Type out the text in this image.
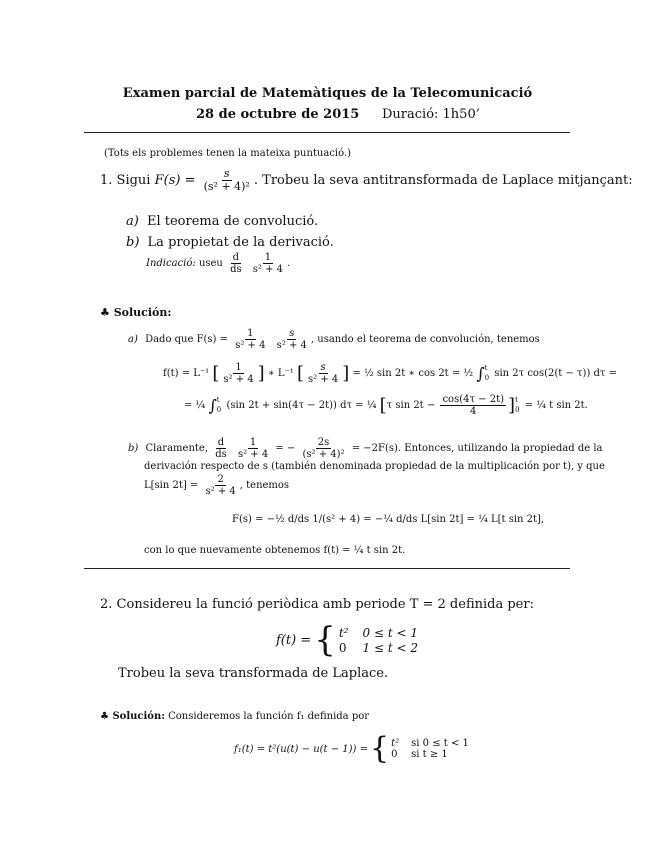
Examen parcial de Matemàtiques de la Telecomunicació
28 de octubre de 2015 Duració: 1h50’
(Tots els problemes tenen la mateixa puntuació.)
1. Sigui $F(s) = \frac{s}{\text{(s² + 4)²}}$ . Trobeu la seva antitransformada de Laplace mitjançant:
a) El teorema de convolució.
b) La propietat de la derivació.
Indicació: useu $\frac{d}{ds}$
$\frac{1}{\text{s² + 4}}$ .
♣ Solución:
a) Dado que $F(s) = \frac{1}{\text{s² + 4}}$
$\frac{s}{\text{s² + 4}}$ , usando el teorema de convolución, tenemos
f(t) = L⁻¹ [ $\frac{1}{\text{s² + 4}}$ ] ∗ L⁻¹ [ $\frac{s}{\text{s² + 4}}$ ] = ½ sin 2t ∗ cos 2t = ½ ∫ t
0 sin 2τ cos(2(t − τ)) dτ =
= ¼ ∫ t
0 (sin 2t + sin(4τ − 2t)) dτ = ¼ [τ $\sin 2t - \frac{\cos(4\tau - 2t)}{4}$ ] t
0 = ¼ t sin 2t.
b) Claramente, $\frac{d}{ds}$
$\frac{1}{\text{s² + 4}}$ = − $\frac{2s}{\text{(s² + 4)²}} = -2F(s)$. Entonces, utilizando la propiedad de la
derivación respecto de s (también denominada propiedad de la multiplicación por t), y que
L[sin $2t] = \frac{2}{\text{s² + 4}}$ , tenemos
F(s) = −½ d/ds 1/(s² + 4) = −¼ d/ds L[sin 2t] = ¼ L[t sin 2t],
con lo que nuevamente obtenemos f(t) = ¼ t sin 2t.
2. Considereu la funció periòdica amb periode T = 2 definida per:
f(t) = { t² 0 ≤ t < 1
0 1 ≤ t < 2
Trobeu la seva transformada de Laplace.
♣ Solución: Consideremos la función f₁ definida por
f₁(t) = t²(u(t) − u(t − 1)) = { t² si 0 ≤ t < 1
0 si t ≥ 1
